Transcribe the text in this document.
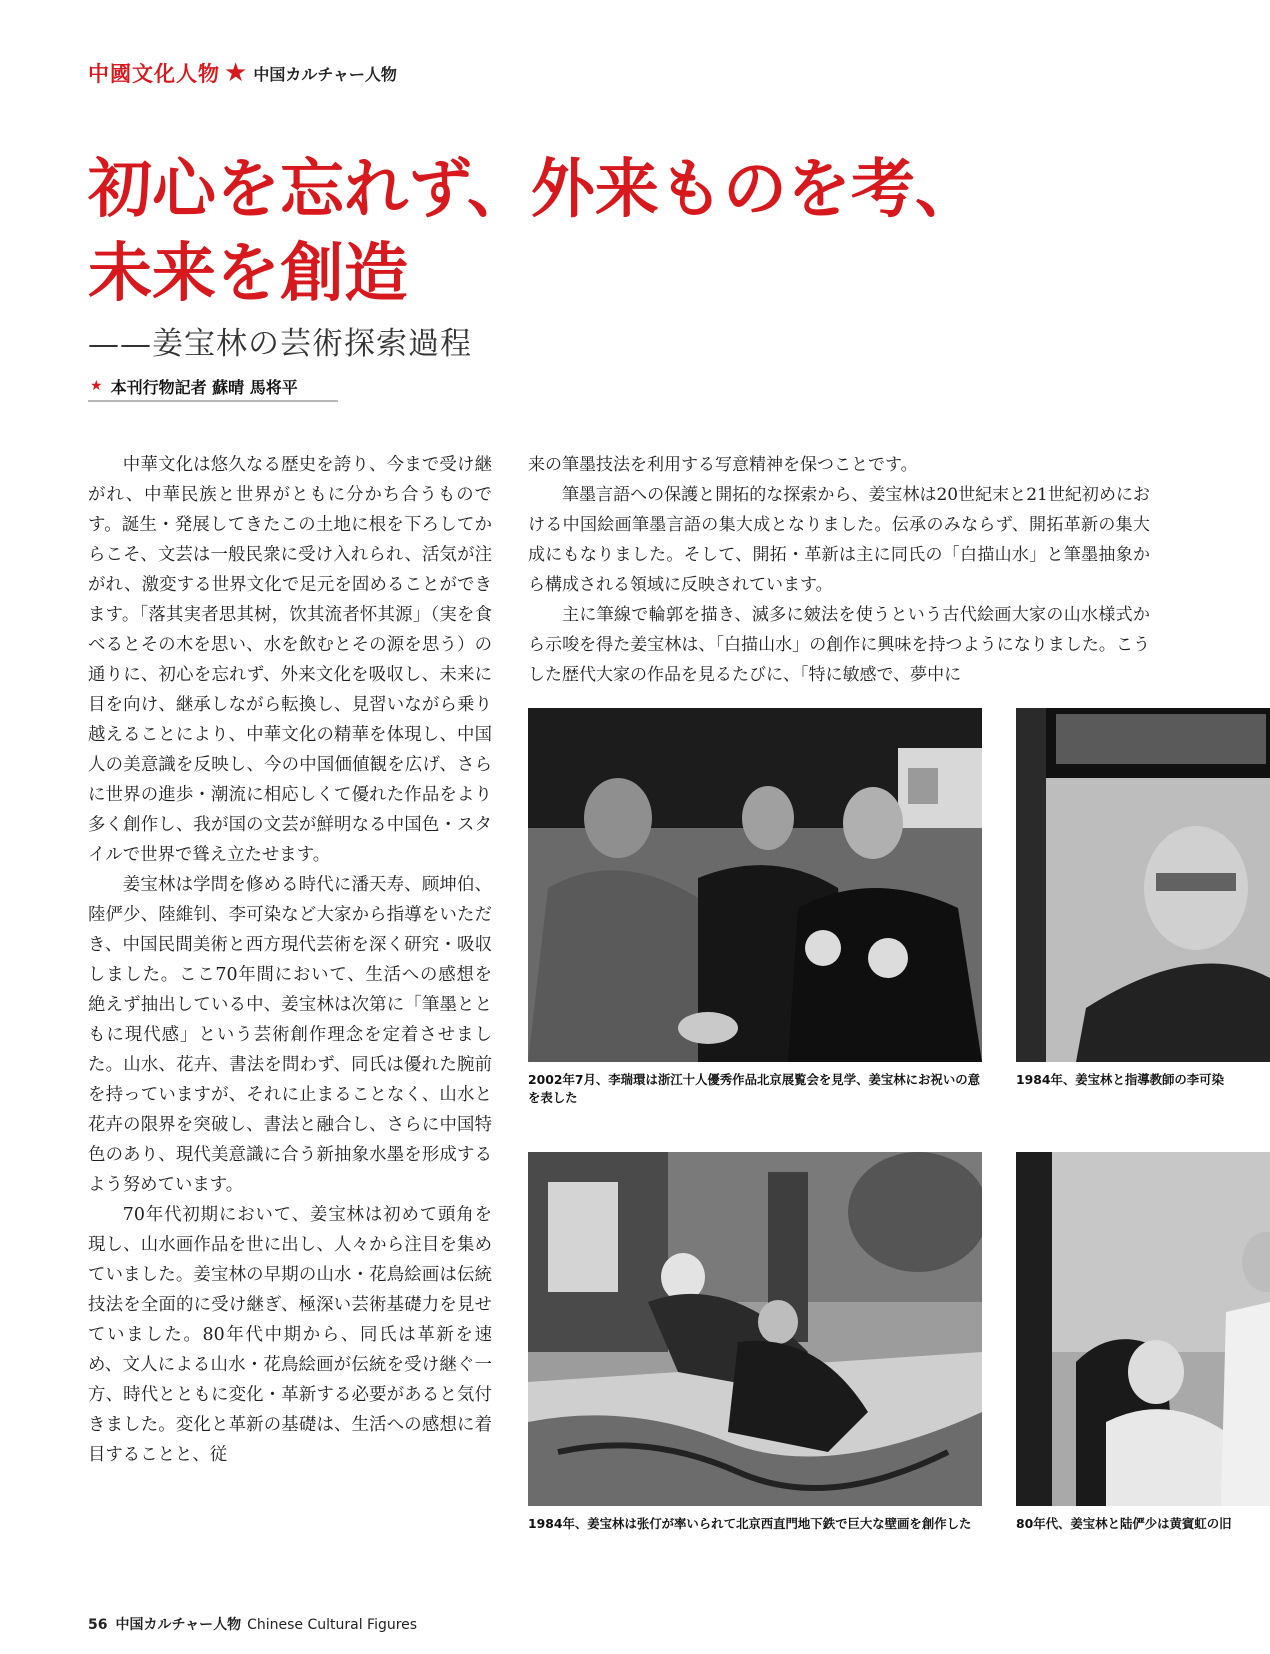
中國文化人物 ★ 中国カルチャー人物
初心を忘れず、外来ものを考、
未来を創造
——姜宝林の芸術探索過程
★ 本刊行物記者 蘇晴 馬将平

中華文化は悠久なる歴史を誇り、今まで受け継がれ、中華民族と世界がともに分かち合うものです。誕生・発展してきたこの土地に根を下ろしてからこそ、文芸は一般民衆に受け入れられ、活気が注がれ、激変する世界文化で足元を固めることができます。「落其実者思其树，饮其流者怀其源」（実を食べるとその木を思い、水を飲むとその源を思う）の通りに、初心を忘れず、外来文化を吸収し、未来に目を向け、継承しながら転換し、見習いながら乗り越えることにより、中華文化の精華を体現し、中国人の美意識を反映し、今の中国価値観を広げ、さらに世界の進歩・潮流に相応しくて優れた作品をより多く創作し、我が国の文芸が鮮明なる中国色・スタイルで世界で聳え立たせます。

姜宝林は学問を修める時代に潘天寿、顾坤伯、陸俨少、陸維钊、李可染など大家から指導をいただき、中国民間美術と西方現代芸術を深く研究・吸収しました。ここ70年間において、生活への感想を絶えず抽出している中、姜宝林は次第に「筆墨とともに現代感」という芸術創作理念を定着させました。山水、花卉、書法を問わず、同氏は優れた腕前を持っていますが、それに止まることなく、山水と花卉の限界を突破し、書法と融合し、さらに中国特色のあり、現代美意識に合う新抽象水墨を形成するよう努めています。

70年代初期において、姜宝林は初めて頭角を現し、山水画作品を世に出し、人々から注目を集めていました。姜宝林の早期の山水・花鳥絵画は伝統技法を全面的に受け継ぎ、極深い芸術基礎力を見せていました。80年代中期から、同氏は革新を速め、文人による山水・花鳥絵画が伝統を受け継ぐ一方、時代とともに変化・革新する必要があると気付きました。変化と革新の基礎は、生活への感想に着目することと、従

来の筆墨技法を利用する写意精神を保つことです。

筆墨言語への保護と開拓的な探索から、姜宝林は20世紀末と21世紀初めにおける中国絵画筆墨言語の集大成となりました。伝承のみならず、開拓革新の集大成にもなりました。そして、開拓・革新は主に同氏の「白描山水」と筆墨抽象から構成される領域に反映されています。

主に筆線で輪郭を描き、滅多に皴法を使うという古代絵画大家の山水様式から示唆を得た姜宝林は、「白描山水」の創作に興味を持つようになりました。こうした歴代大家の作品を見るたびに、「特に敏感で、夢中に

2002年7月、李瑞環は浙江十人優秀作品北京展覧会を見学、姜宝林にお祝いの意を表した
1984年、姜宝林と指導教師の李可染
1984年、姜宝林は张仃が率いられて北京西直門地下鉄で巨大な壁画を創作した	80年代、姜宝林と陆俨少は黄賓虹の旧
56 中国カルチャー人物 Chinese Cultural Figures
